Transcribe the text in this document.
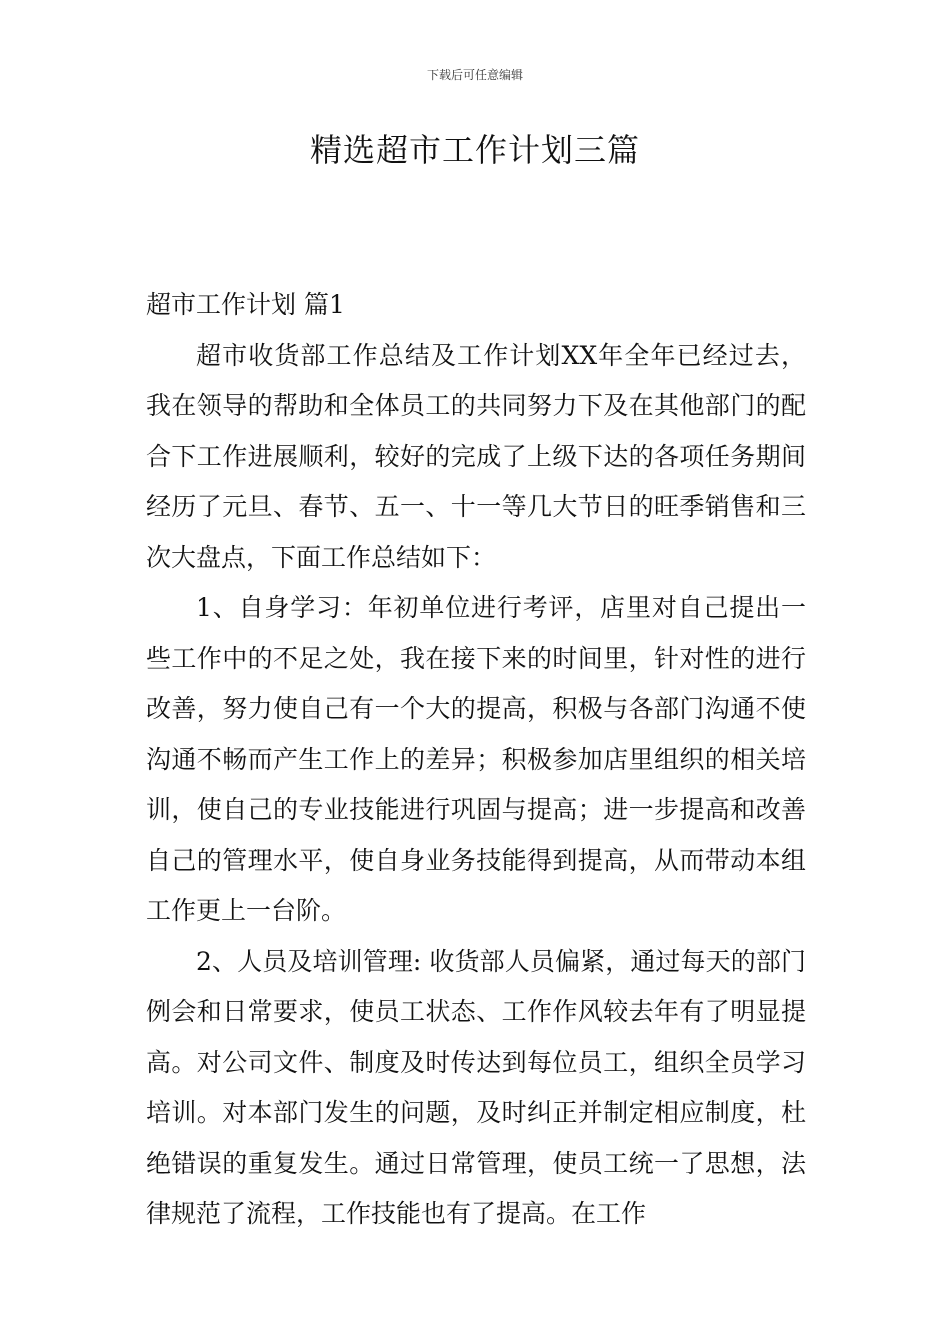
下载后可任意编辑
精选超市工作计划三篇
超市工作计划 篇1

超市收货部工作总结及工作计划XX年全年已经过去，我在领导的帮助和全体员工的共同努力下及在其他部门的配合下工作进展顺利，较好的完成了上级下达的各项任务期间经历了元旦、春节、五一、十一等几大节日的旺季销售和三次大盘点，下面工作总结如下：

1、自身学习：年初单位进行考评，店里对自己提出一些工作中的不足之处，我在接下来的时间里，针对性的进行改善，努力使自己有一个大的提高，积极与各部门沟通不使沟通不畅而产生工作上的差异；积极参加店里组织的相关培训，使自己的专业技能进行巩固与提高；进一步提高和改善自己的管理水平，使自身业务技能得到提高，从而带动本组工作更上一台阶。

2、人员及培训管理: 收货部人员偏紧，通过每天的部门例会和日常要求，使员工状态、工作作风较去年有了明显提高。对公司文件、制度及时传达到每位员工，组织全员学习培训。对本部门发生的问题，及时纠正并制定相应制度，杜绝错误的重复发生。通过日常管理，使员工统一了思想，法律规范了流程，工作技能也有了提高。在工作
